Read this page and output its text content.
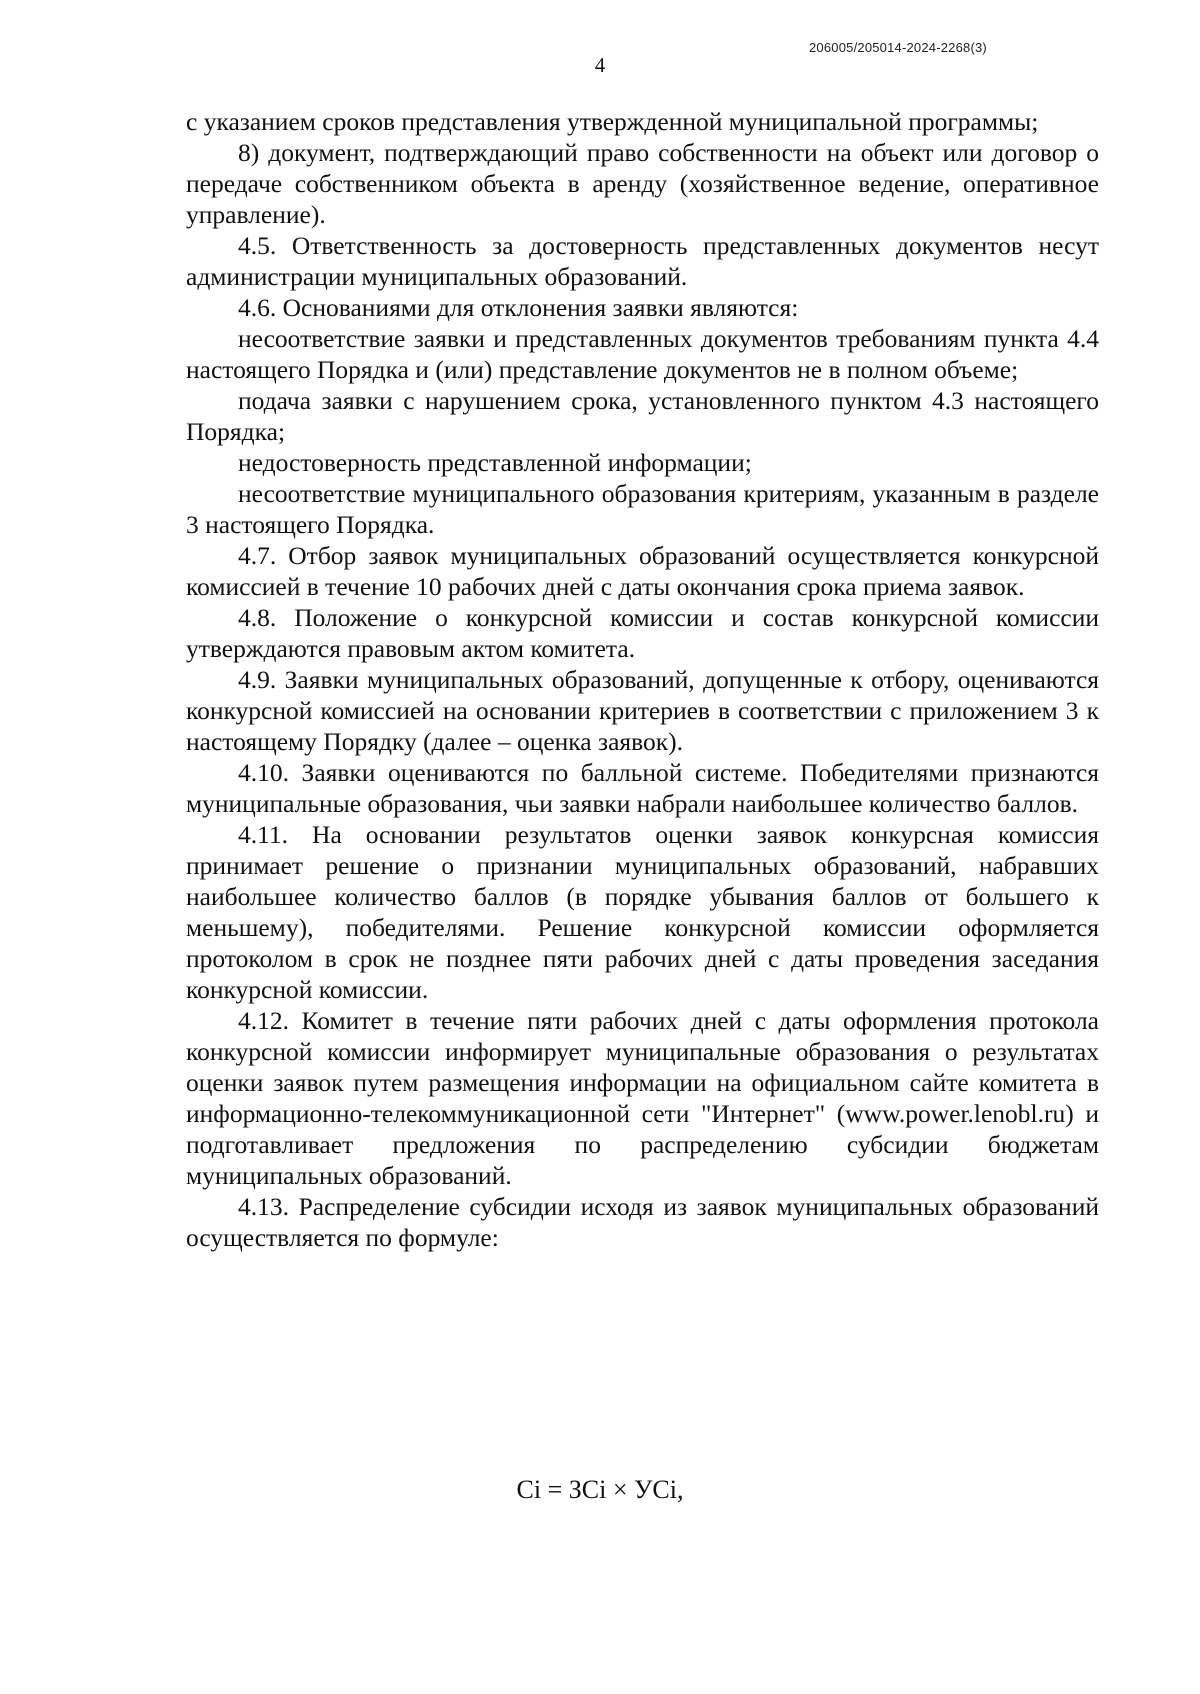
206005/205014-2024-2268(3)
4

с указанием сроков представления утвержденной муниципальной программы;

8) документ, подтверждающий право собственности на объект или договор о передаче собственником объекта в аренду (хозяйственное ведение, оперативное управление).

4.5. Ответственность за достоверность представленных документов несут администрации муниципальных образований.

4.6. Основаниями для отклонения заявки являются:

несоответствие заявки и представленных документов требованиям пункта 4.4 настоящего Порядка и (или) представление документов не в полном объеме;

подача заявки с нарушением срока, установленного пунктом 4.3 настоящего Порядка;

недостоверность представленной информации;

несоответствие муниципального образования критериям, указанным в разделе 3 настоящего Порядка.

4.7. Отбор заявок муниципальных образований осуществляется конкурсной комиссией в течение 10 рабочих дней с даты окончания срока приема заявок.

4.8. Положение о конкурсной комиссии и состав конкурсной комиссии утверждаются правовым актом комитета.

4.9. Заявки муниципальных образований, допущенные к отбору, оцениваются конкурсной комиссией на основании критериев в соответствии с приложением 3 к настоящему Порядку (далее – оценка заявок).

4.10. Заявки оцениваются по балльной системе. Победителями признаются муниципальные образования, чьи заявки набрали наибольшее количество баллов.

4.11. На основании результатов оценки заявок конкурсная комиссия принимает решение о признании муниципальных образований, набравших наибольшее количество баллов (в порядке убывания баллов от большего к меньшему), победителями. Решение конкурсной комиссии оформляется протоколом в срок не позднее пяти рабочих дней с даты проведения заседания конкурсной комиссии.

4.12. Комитет в течение пяти рабочих дней с даты оформления протокола конкурсной комиссии информирует муниципальные образования о результатах оценки заявок путем размещения информации на официальном сайте комитета в информационно-телекоммуникационной сети "Интернет" (www.power.lenobl.ru) и подготавливает предложения по распределению субсидии бюджетам муниципальных образований.

4.13. Распределение субсидии исходя из заявок муниципальных образований осуществляется по формуле:

Ci = ЗCi × УCi,
